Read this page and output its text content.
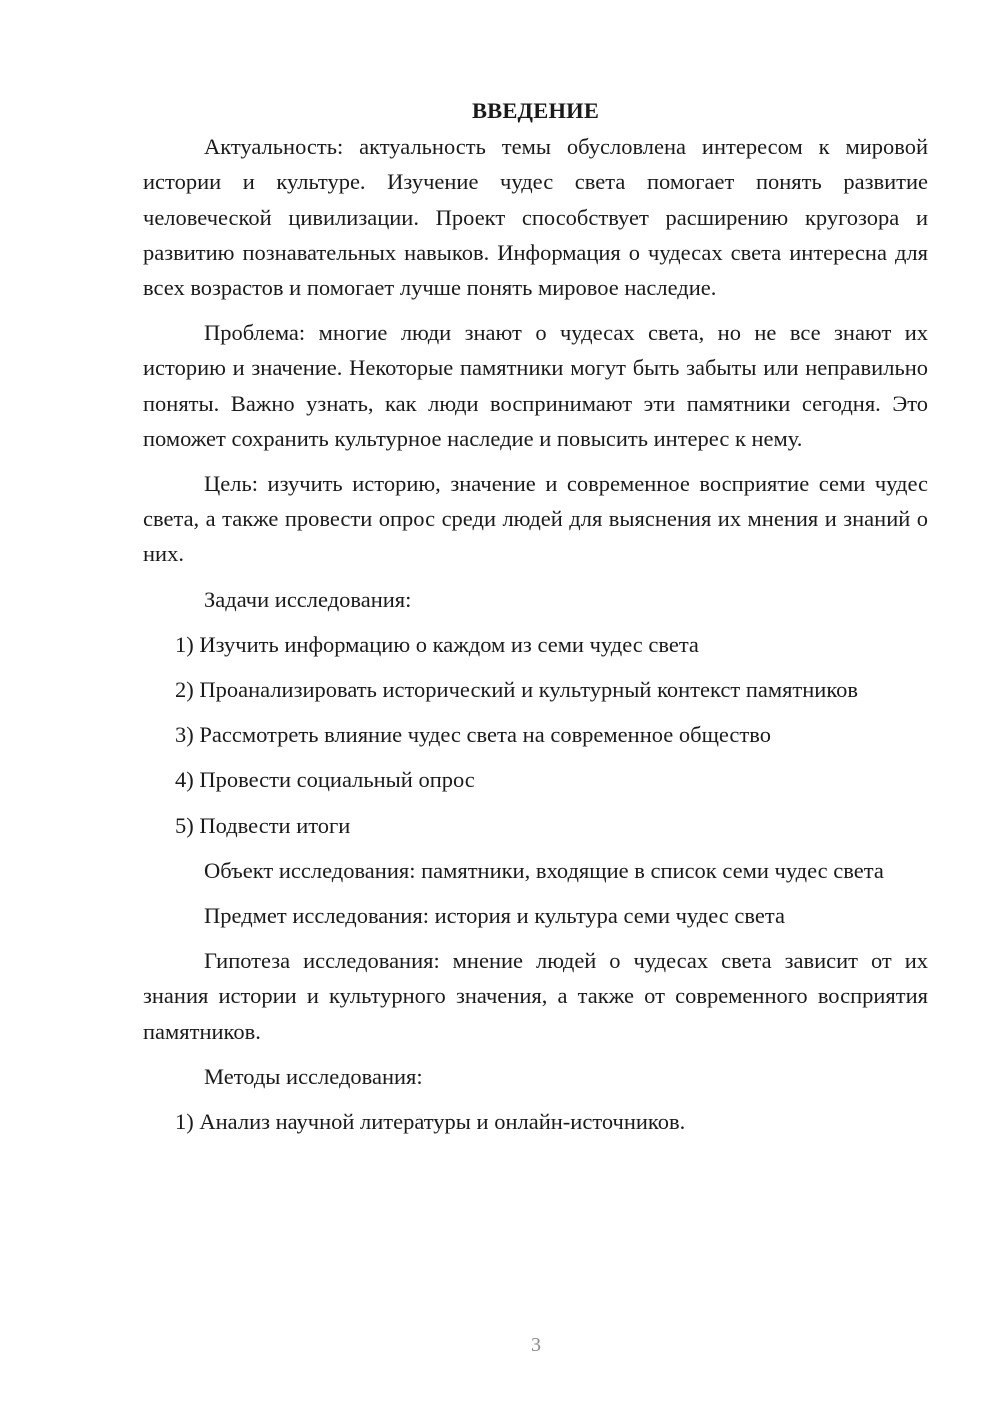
ВВЕДЕНИЕ
Актуальность: актуальность темы обусловлена интересом к мировой истории и культуре. Изучение чудес света помогает понять развитие человеческой цивилизации. Проект способствует расширению кругозора и развитию познавательных навыков. Информация о чудесах света интересна для всех возрастов и помогает лучше понять мировое наследие.
Проблема: многие люди знают о чудесах света, но не все знают их историю и значение. Некоторые памятники могут быть забыты или неправильно поняты. Важно узнать, как люди воспринимают эти памятники сегодня. Это поможет сохранить культурное наследие и повысить интерес к нему.
Цель: изучить историю, значение и современное восприятие семи чудес света, а также провести опрос среди людей для выяснения их мнения и знаний о них.
Задачи исследования:
1) Изучить информацию о каждом из семи чудес света
2) Проанализировать исторический и культурный контекст памятников
3) Рассмотреть влияние чудес света на современное общество
4) Провести социальный опрос
5) Подвести итоги
Объект исследования: памятники, входящие в список семи чудес света
Предмет исследования: история и культура семи чудес света
Гипотеза исследования: мнение людей о чудесах света зависит от их знания истории и культурного значения, а также от современного восприятия памятников.
Методы исследования:
1) Анализ научной литературы и онлайн-источников.
3
